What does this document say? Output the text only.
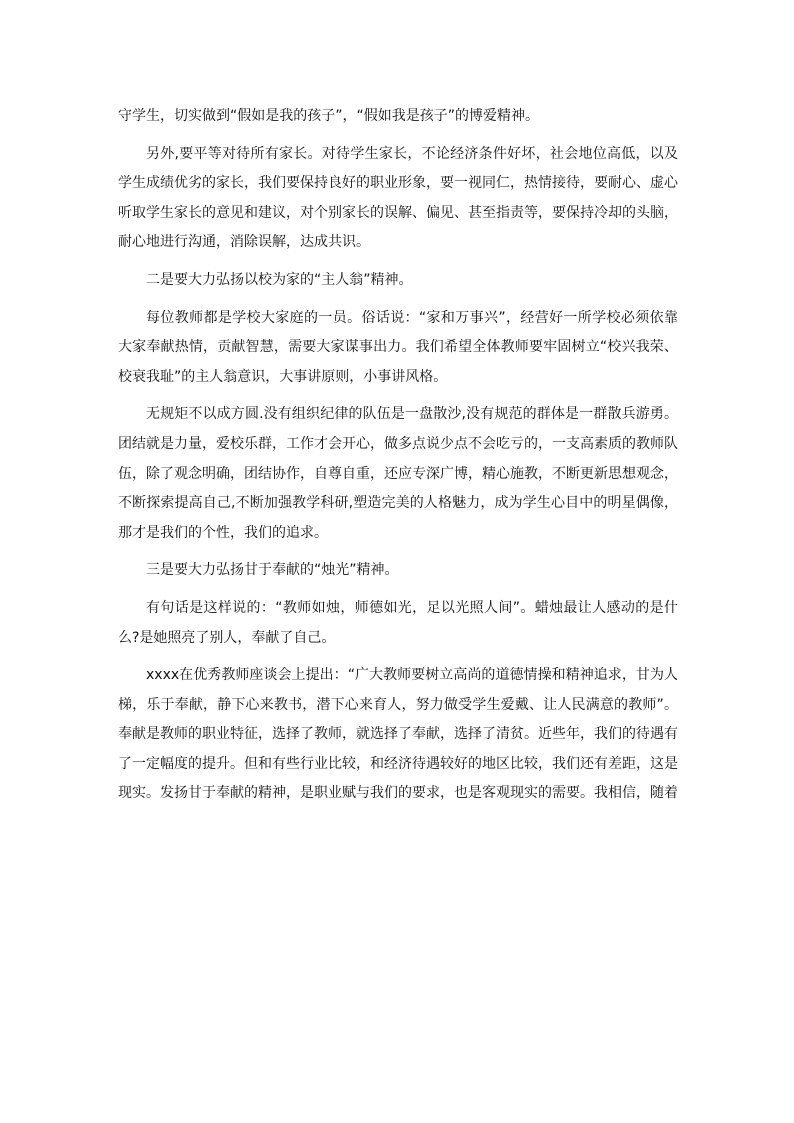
守学生，切实做到“假如是我的孩子”，“假如我是孩子”的博爱精神。

另外,要平等对待所有家长。对待学生家长，不论经济条件好坏，社会地位高低，以及学生成绩优劣的家长，我们要保持良好的职业形象，要一视同仁，热情接待，要耐心、虚心听取学生家长的意见和建议，对个别家长的误解、偏见、甚至指责等，要保持冷却的头脑，耐心地进行沟通，消除误解，达成共识。

二是要大力弘扬以校为家的“主人翁”精神。

每位教师都是学校大家庭的一员。俗话说：“家和万事兴”，经营好一所学校必须依靠大家奉献热情，贡献智慧，需要大家谋事出力。我们希望全体教师要牢固树立“校兴我荣、校衰我耻”的主人翁意识，大事讲原则，小事讲风格。

无规矩不以成方圆.没有组织纪律的队伍是一盘散沙,没有规范的群体是一群散兵游勇。团结就是力量，爱校乐群，工作才会开心，做多点说少点不会吃亏的，一支高素质的教师队伍，除了观念明确，团结协作，自尊自重，还应专深广博，精心施教，不断更新思想观念，不断探索提高自己,不断加强教学科研,塑造完美的人格魅力，成为学生心目中的明星偶像，那才是我们的个性，我们的追求。

三是要大力弘扬甘于奉献的“烛光”精神。

有句话是这样说的：“教师如烛，师德如光，足以光照人间”。蜡烛最让人感动的是什么?是她照亮了别人，奉献了自己。

xxxx在优秀教师座谈会上提出：“广大教师要树立高尚的道德情操和精神追求，甘为人梯，乐于奉献，静下心来教书，潜下心来育人，努力做受学生爱戴、让人民满意的教师”。奉献是教师的职业特征，选择了教师，就选择了奉献，选择了清贫。近些年，我们的待遇有了一定幅度的提升。但和有些行业比较，和经济待遇较好的地区比较，我们还有差距，这是现实。发扬甘于奉献的精神，是职业赋与我们的要求，也是客观现实的需要。我相信，随着
